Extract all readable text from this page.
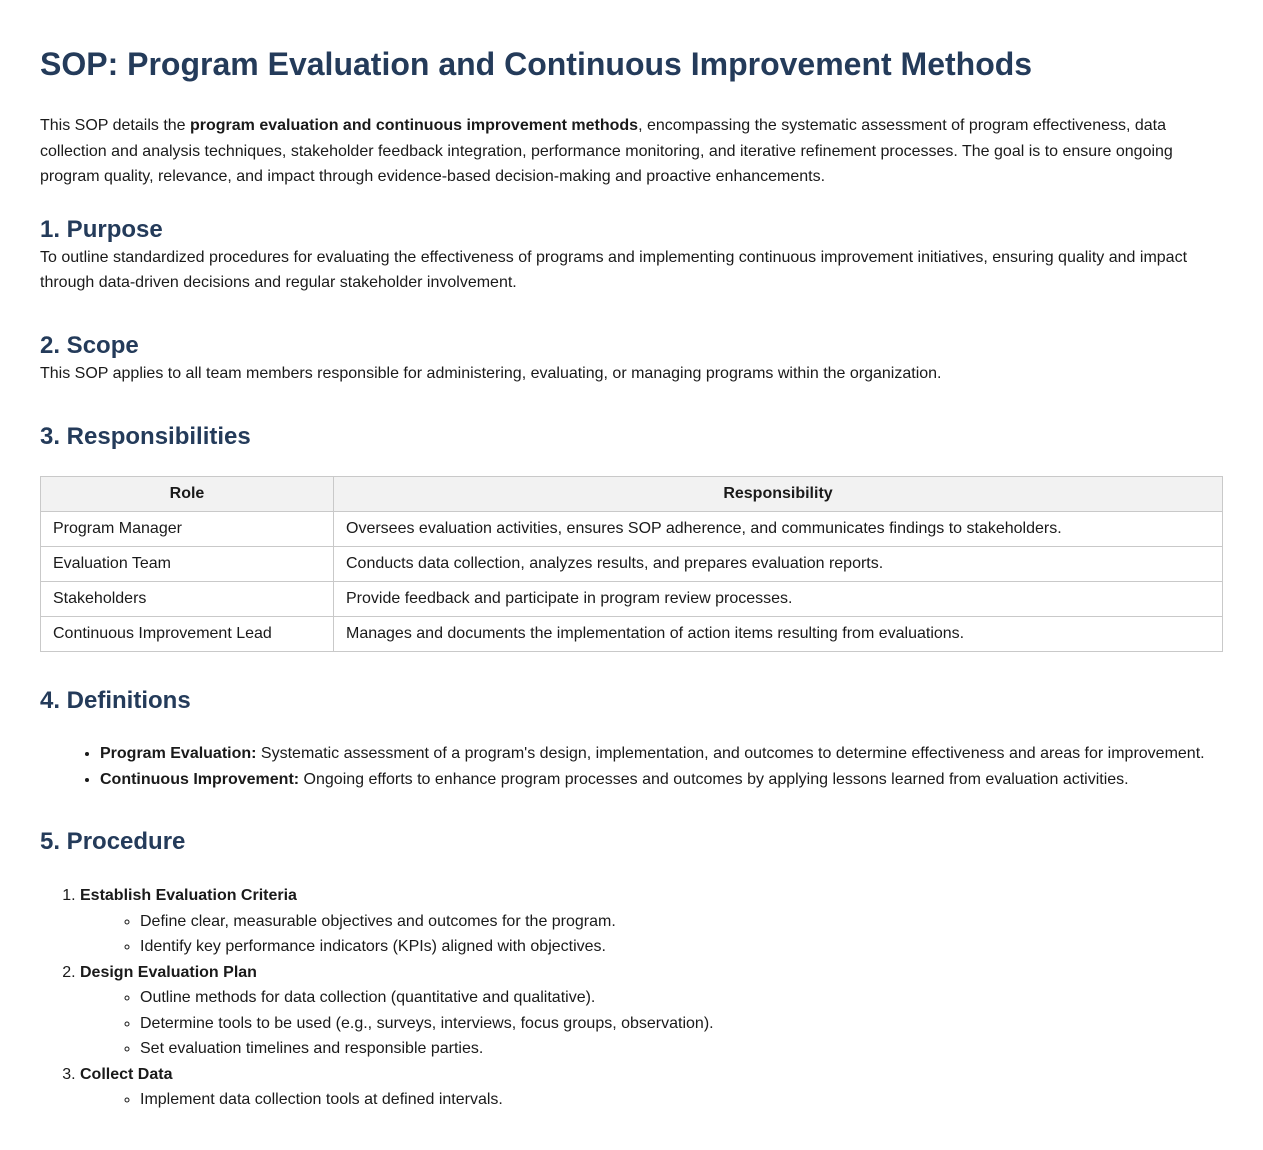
SOP: Program Evaluation and Continuous Improvement Methods

This SOP details the program evaluation and continuous improvement methods, encompassing the systematic assessment of program effectiveness, data collection and analysis techniques, stakeholder feedback integration, performance monitoring, and iterative refinement processes. The goal is to ensure ongoing program quality, relevance, and impact through evidence-based decision-making and proactive enhancements.

1. Purpose

To outline standardized procedures for evaluating the effectiveness of programs and implementing continuous improvement initiatives, ensuring quality and impact through data-driven decisions and regular stakeholder involvement.

2. Scope

This SOP applies to all team members responsible for administering, evaluating, or managing programs within the organization.

3. Responsibilities
Role	Responsibility
Program Manager	Oversees evaluation activities, ensures SOP adherence, and communicates findings to stakeholders.
Evaluation Team	Conducts data collection, analyzes results, and prepares evaluation reports.
Stakeholders	Provide feedback and participate in program review processes.
Continuous Improvement Lead	Manages and documents the implementation of action items resulting from evaluations.
4. Definitions
• Program Evaluation: Systematic assessment of a program's design, implementation, and outcomes to determine effectiveness and areas for improvement.
• Continuous Improvement: Ongoing efforts to enhance program processes and outcomes by applying lessons learned from evaluation activities.
5. Procedure
1. Establish Evaluation Criteria
◦ Define clear, measurable objectives and outcomes for the program.
◦ Identify key performance indicators (KPIs) aligned with objectives.
2. Design Evaluation Plan
◦ Outline methods for data collection (quantitative and qualitative).
◦ Determine tools to be used (e.g., surveys, interviews, focus groups, observation).
◦ Set evaluation timelines and responsible parties.
3. Collect Data
◦ Implement data collection tools at defined intervals.
